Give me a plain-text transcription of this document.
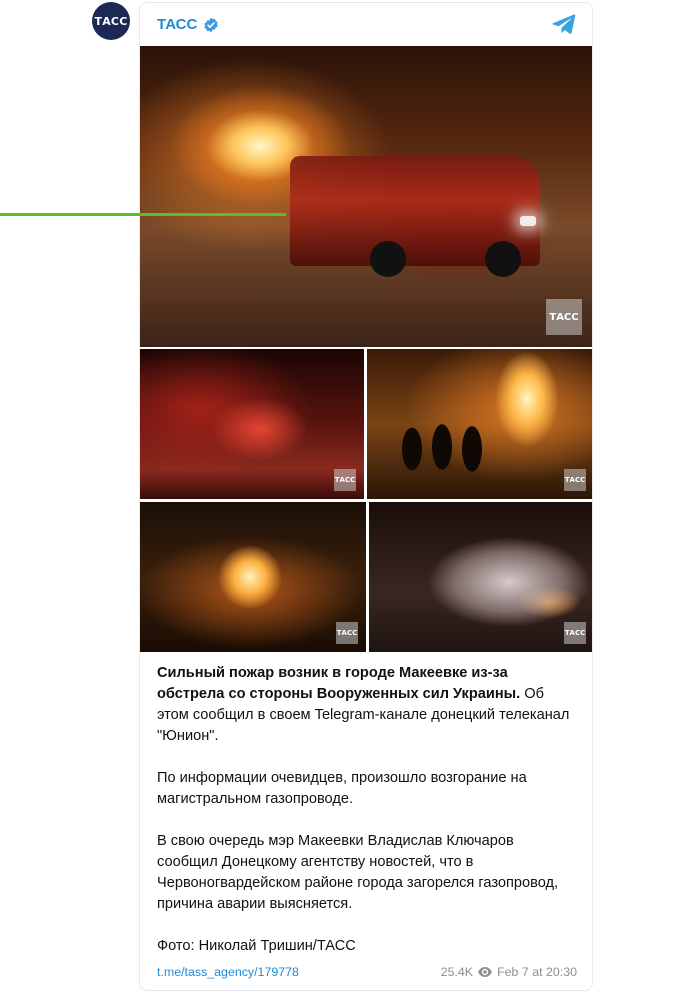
ТАСС ТАСС
ТАСС
ТАСС	ТАСС
ТАСС	ТАСС

Сильный пожар возник в городе Макеевке из-за обстрела со стороны Вооруженных сил Украины. Об этом сообщил в своем Telegram-канале донецкий телеканал "Юнион".

По информации очевидцев, произошло возгорание на магистральном газопроводе.

В свою очередь мэр Макеевки Владислав Ключаров сообщил Донецкому агентству новостей, что в Червоногвардейском районе города загорелся газопровод, причина аварии выясняется.

Фото: Николай Тришин/ТАСС

t.me/tass_agency/179778	25.4K Feb 7 at 20:30
